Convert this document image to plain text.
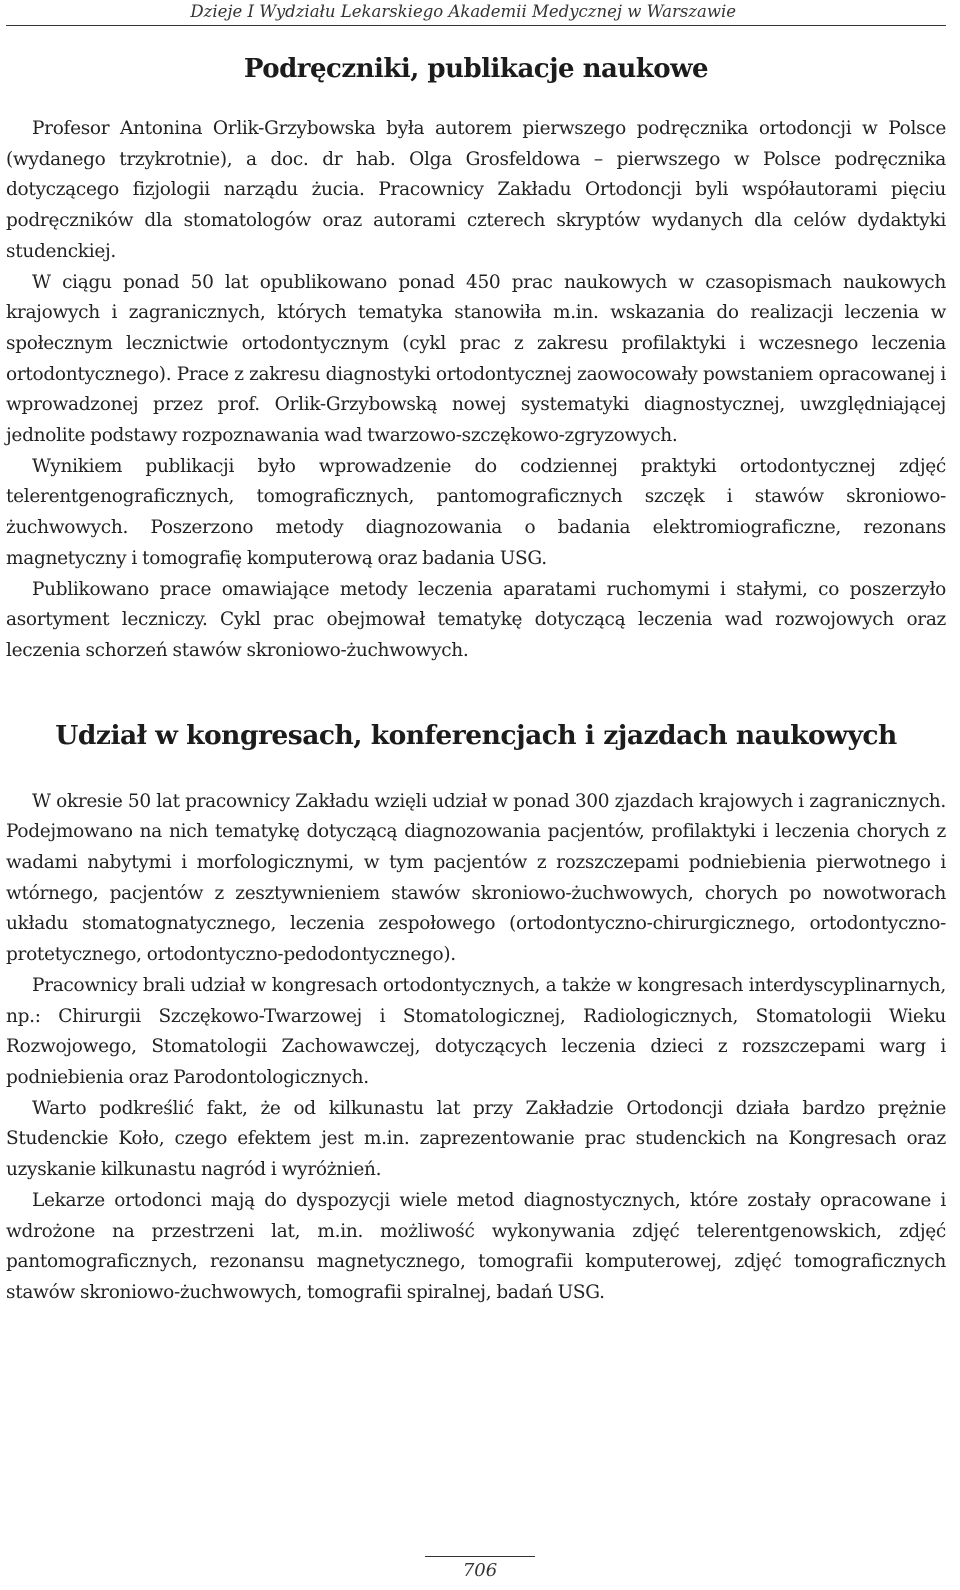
Dzieje I Wydziału Lekarskiego Akademii Medycznej w Warszawie
Podręczniki, publikacje naukowe

Profesor Antonina Orlik-Grzybowska była autorem pierwszego podręcznika ortodoncji w Polsce (wydanego trzykrotnie), a doc. dr hab. Olga Grosfeldowa – pierwszego w Polsce podręcznika dotyczącego fizjologii narządu żucia. Pracownicy Zakładu Ortodoncji byli współautorami pięciu podręczników dla stomatologów oraz autorami czterech skryptów wydanych dla celów dydaktyki studenckiej.

W ciągu ponad 50 lat opublikowano ponad 450 prac naukowych w czasopismach naukowych krajowych i zagranicznych, których tematyka stanowiła m.in. wskazania do realizacji leczenia w społecznym lecznictwie ortodontycznym (cykl prac z zakresu profilaktyki i wczesnego leczenia ortodontycznego). Prace z zakresu diagnostyki ortodontycznej zaowocowały powstaniem opracowanej i wprowadzonej przez prof. Orlik-Grzybowską nowej systematyki diagnostycznej, uwzględniającej jednolite podstawy rozpoznawania wad twarzowo-szczękowo-zgryzowych.

Wynikiem publikacji było wprowadzenie do codziennej praktyki ortodontycznej zdjęć telerentgenograficznych, tomograficznych, pantomograficznych szczęk i stawów skroniowo-żuchwowych. Poszerzono metody diagnozowania o badania elektromiograficzne, rezonans magnetyczny i tomografię komputerową oraz badania USG.

Publikowano prace omawiające metody leczenia aparatami ruchomymi i stałymi, co poszerzyło asortyment leczniczy. Cykl prac obejmował tematykę dotyczącą leczenia wad rozwojowych oraz leczenia schorzeń stawów skroniowo-żuchwowych.

Udział w kongresach, konferencjach i zjazdach naukowych

W okresie 50 lat pracownicy Zakładu wzięli udział w ponad 300 zjazdach krajowych i zagranicznych. Podejmowano na nich tematykę dotyczącą diagnozowania pacjentów, profilaktyki i leczenia chorych z wadami nabytymi i morfologicznymi, w tym pacjentów z rozszczepami podniebienia pierwotnego i wtórnego, pacjentów z zesztywnieniem stawów skroniowo-żuchwowych, chorych po nowotworach układu stomatognatycznego, leczenia zespołowego (ortodontyczno-chirurgicznego, ortodontyczno-protetycznego, ortodontyczno-pedodontycznego).

Pracownicy brali udział w kongresach ortodontycznych, a także w kongresach interdyscyplinarnych, np.: Chirurgii Szczękowo-Twarzowej i Stomatologicznej, Radiologicznych, Stomatologii Wieku Rozwojowego, Stomatologii Zachowawczej, dotyczących leczenia dzieci z rozszczepami warg i podniebienia oraz Parodontologicznych.

Warto podkreślić fakt, że od kilkunastu lat przy Zakładzie Ortodoncji działa bardzo prężnie Studenckie Koło, czego efektem jest m.in. zaprezentowanie prac studenckich na Kongresach oraz uzyskanie kilkunastu nagród i wyróżnień.

Lekarze ortodonci mają do dyspozycji wiele metod diagnostycznych, które zostały opracowane i wdrożone na przestrzeni lat, m.in. możliwość wykonywania zdjęć telerentgenowskich, zdjęć pantomograficznych, rezonansu magnetycznego, tomografii komputerowej, zdjęć tomograficznych stawów skroniowo-żuchwowych, tomografii spiralnej, badań USG.

706
